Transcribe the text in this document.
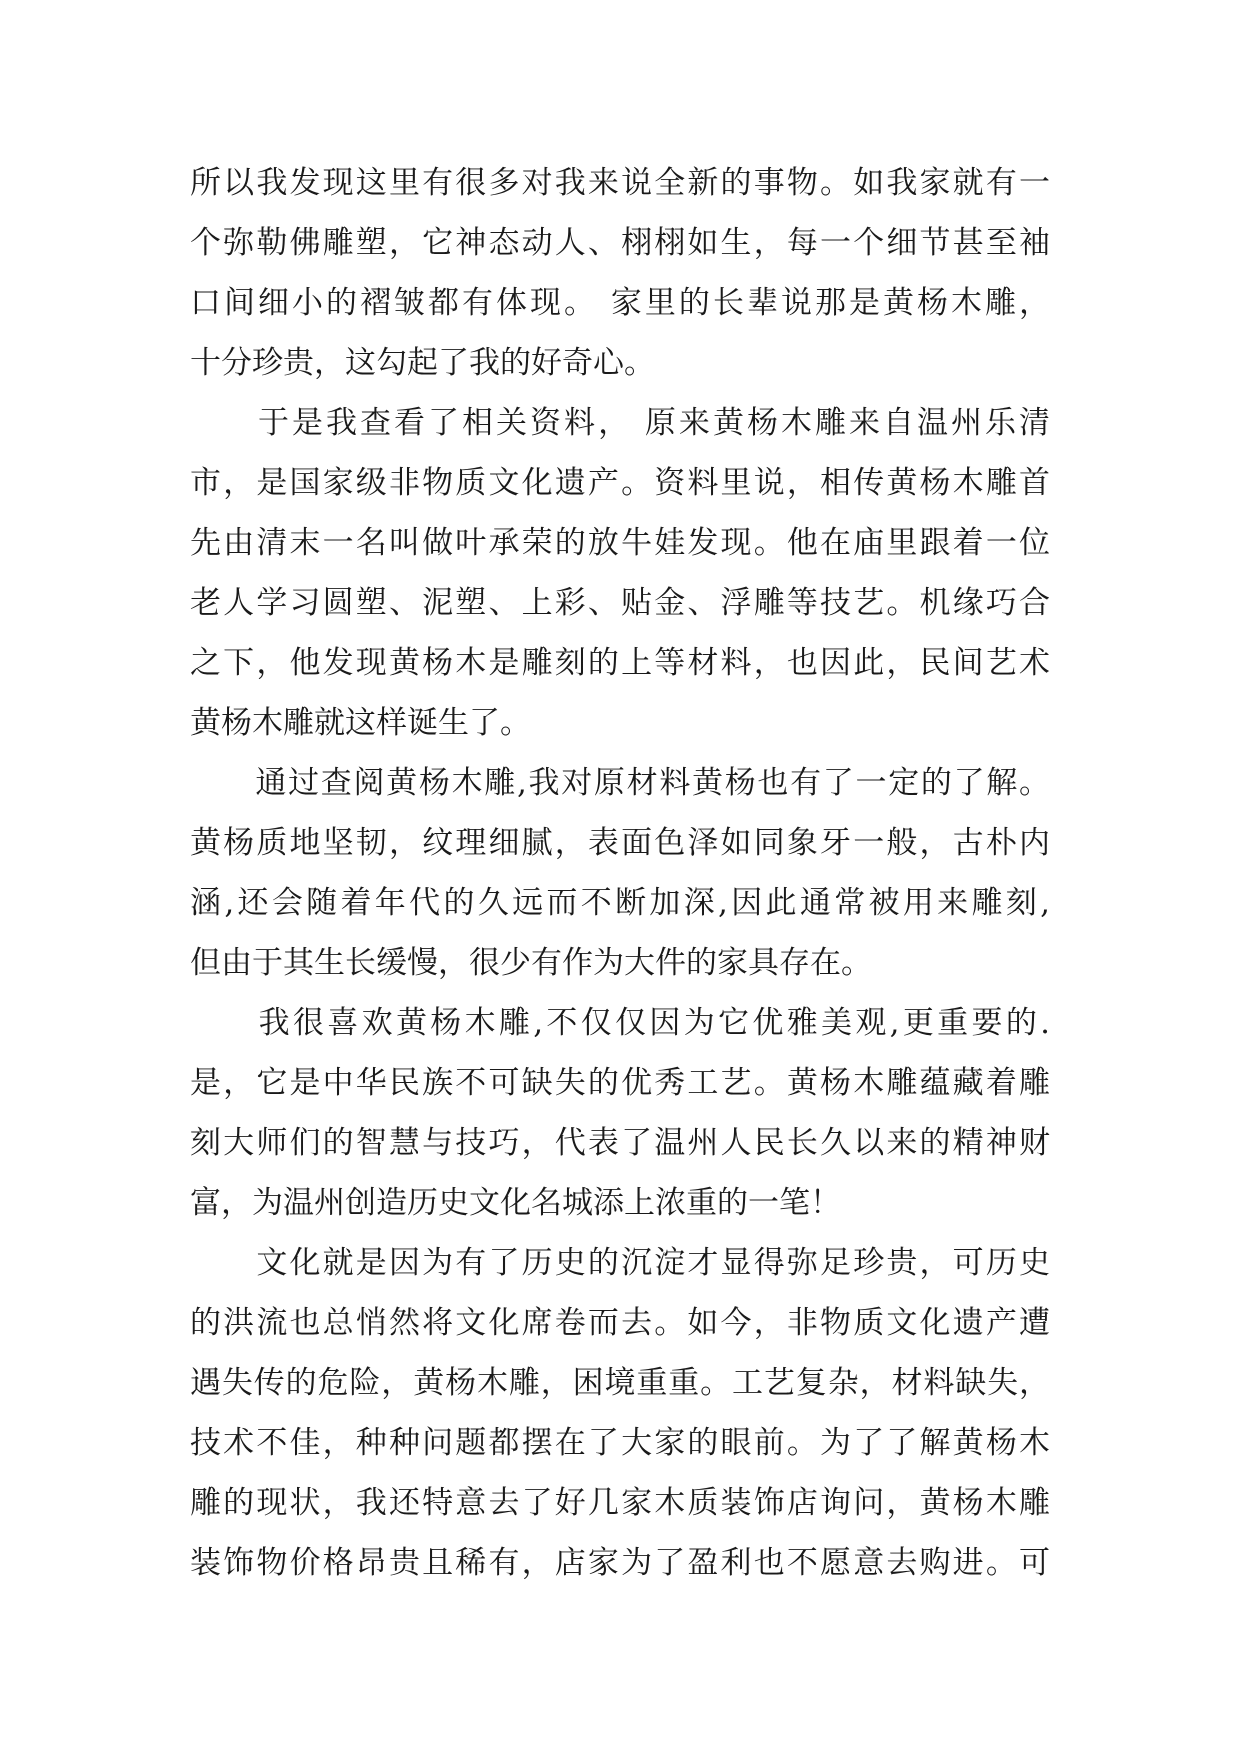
所以我发现这里有很多对我来说全新的事物。如我家就有一
个弥勒佛雕塑，它神态动人、栩栩如生，每一个细节甚至袖
口间细小的褶皱都有体现。 家里的长辈说那是黄杨木雕，
十分珍贵，这勾起了我的好奇心。
　　于是我查看了相关资料， 原来黄杨木雕来自温州乐清
市，是国家级非物质文化遗产。资料里说，相传黄杨木雕首
先由清末一名叫做叶承荣的放牛娃发现。他在庙里跟着一位
老人学习圆塑、泥塑、上彩、贴金、浮雕等技艺。机缘巧合
之下，他发现黄杨木是雕刻的上等材料，也因此，民间艺术
黄杨木雕就这样诞生了。
　　通过查阅黄杨木雕,我对原材料黄杨也有了一定的了解。
黄杨质地坚韧，纹理细腻，表面色泽如同象牙一般，古朴内
涵,还会随着年代的久远而不断加深,因此通常被用来雕刻,
但由于其生长缓慢，很少有作为大件的家具存在。
　　我很喜欢黄杨木雕,不仅仅因为它优雅美观,更重要的.
是，它是中华民族不可缺失的优秀工艺。黄杨木雕蕴藏着雕
刻大师们的智慧与技巧，代表了温州人民长久以来的精神财
富，为温州创造历史文化名城添上浓重的一笔！
　　文化就是因为有了历史的沉淀才显得弥足珍贵，可历史
的洪流也总悄然将文化席卷而去。如今，非物质文化遗产遭
遇失传的危险，黄杨木雕，困境重重。工艺复杂，材料缺失，
技术不佳，种种问题都摆在了大家的眼前。为了了解黄杨木
雕的现状，我还特意去了好几家木质装饰店询问，黄杨木雕
装饰物价格昂贵且稀有，店家为了盈利也不愿意去购进。可
